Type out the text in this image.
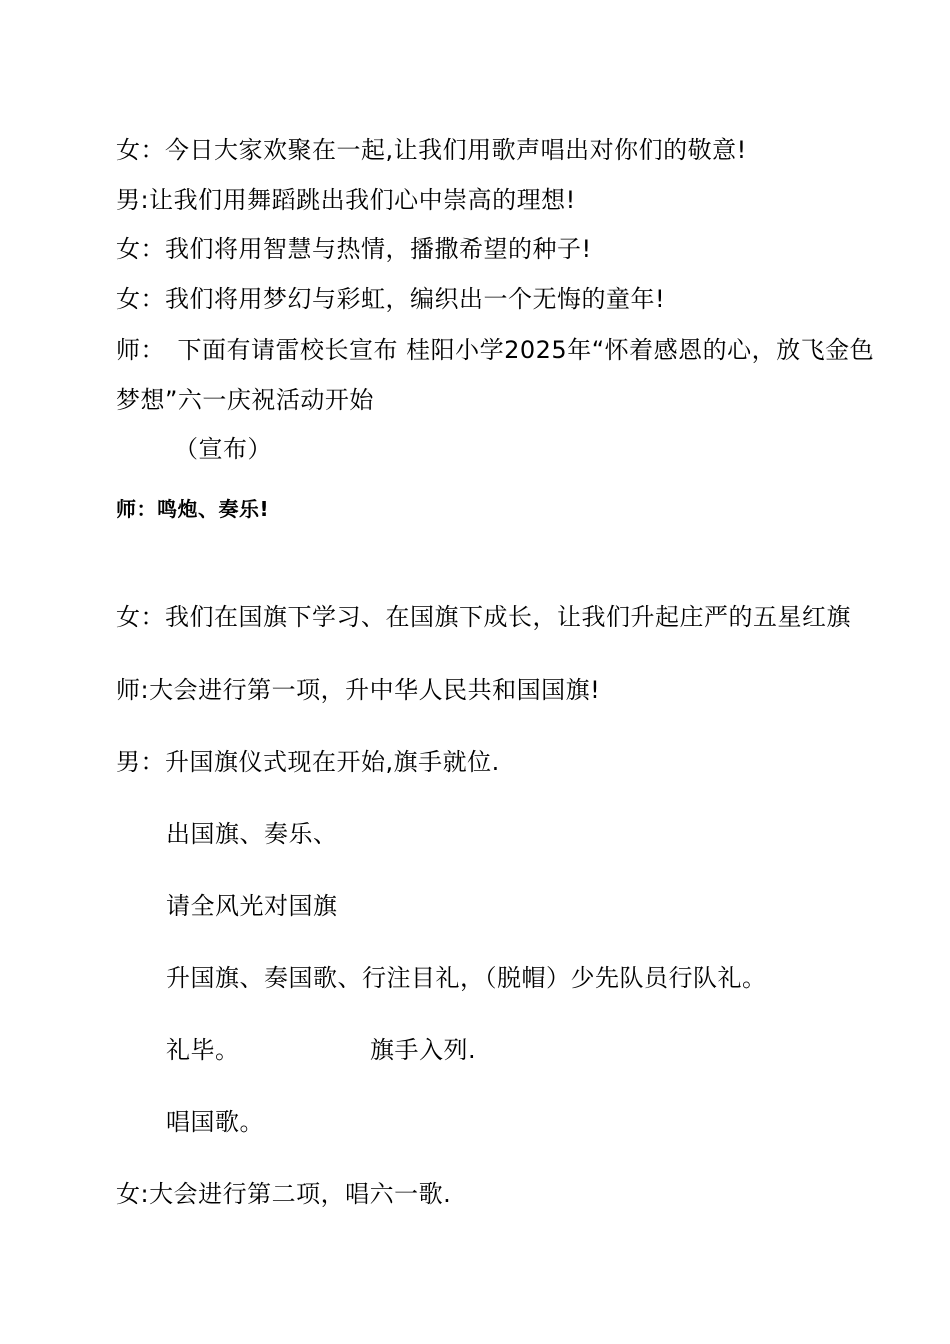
女：今日大家欢聚在一起,让我们用歌声唱出对你们的敬意!
男:让我们用舞蹈跳出我们心中崇高的理想!
女：我们将用智慧与热情，播撒希望的种子!
女：我们将用梦幻与彩虹，编织出一个无悔的童年!
师：　下面有请雷校长宣布 桂阳小学2025年“怀着感恩的心，放飞金色梦想”六一庆祝活动开始
（宣布）
师：鸣炮、奏乐!
女：我们在国旗下学习、在国旗下成长，让我们升起庄严的五星红旗
师:大会进行第一项，升中华人民共和国国旗!
男：升国旗仪式现在开始,旗手就位.
出国旗、奏乐、
请全风光对国旗
升国旗、奏国歌、行注目礼，（脱帽）少先队员行队礼。
礼毕。	旗手入列.
唱国歌。
女:大会进行第二项，唱六一歌.
